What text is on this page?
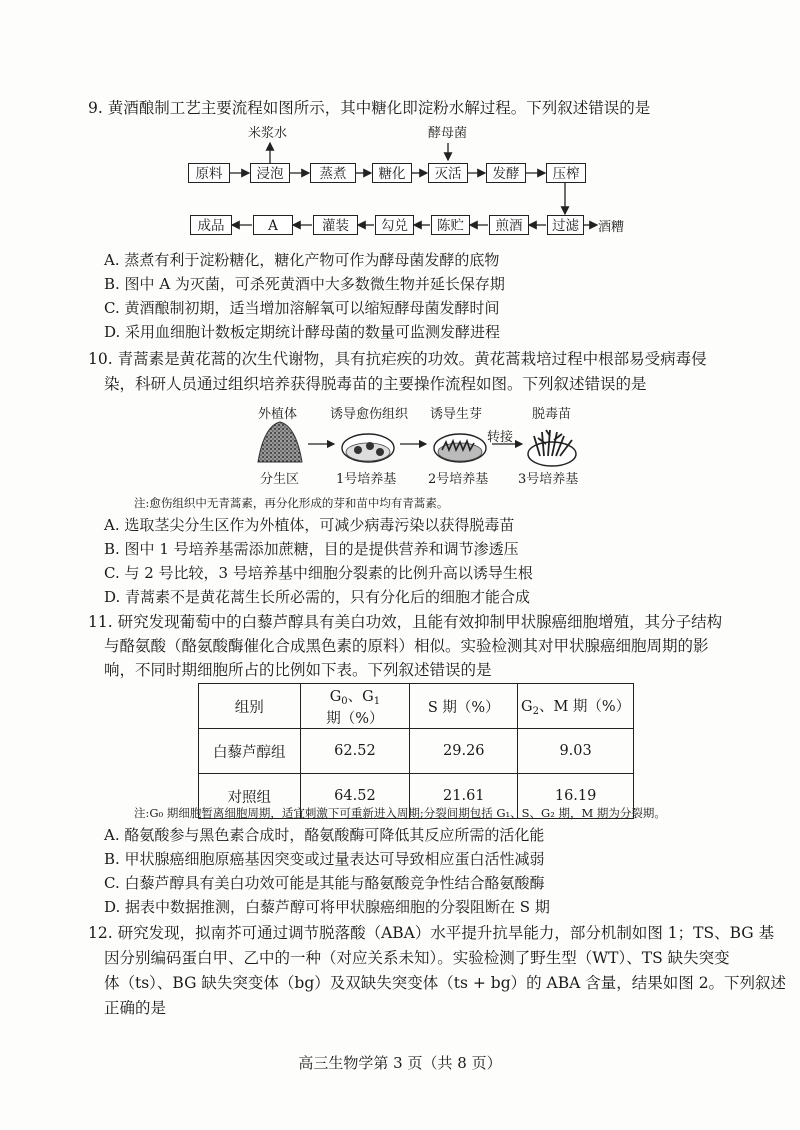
9. 黄酒酿制工艺主要流程如图所示，其中糖化即淀粉水解过程。下列叙述错误的是
米浆水	酵母菌
原料	浸泡	蒸煮	糖化	灭活	发酵	压榨
成品	A	灌装	勾兑	陈贮	煎酒	过滤	酒糟
A. 蒸煮有利于淀粉糖化，糖化产物可作为酵母菌发酵的底物
B. 图中 A 为灭菌，可杀死黄酒中大多数微生物并延长保存期
C. 黄酒酿制初期，适当增加溶解氧可以缩短酵母菌发酵时间
D. 采用血细胞计数板定期统计酵母菌的数量可监测发酵进程
10. 青蒿素是黄花蒿的次生代谢物，具有抗疟疾的功效。黄花蒿栽培过程中根部易受病毒侵
染，科研人员通过组织培养获得脱毒苗的主要操作流程如图。下列叙述错误的是
外植体
分生区
诱导愈伤组织
1号培养基
诱导生芽
2号培养基
转接
脱毒苗
3号培养基
注:愈伤组织中无青蒿素，再分化形成的芽和苗中均有青蒿素。
A. 选取茎尖分生区作为外植体，可减少病毒污染以获得脱毒苗
B. 图中 1 号培养基需添加蔗糖，目的是提供营养和调节渗透压
C. 与 2 号比较，3 号培养基中细胞分裂素的比例升高以诱导生根
D. 青蒿素不是黄花蒿生长所必需的，只有分化后的细胞才能合成
11. 研究发现葡萄中的白藜芦醇具有美白功效，且能有效抑制甲状腺癌细胞增殖，其分子结构
与酪氨酸（酪氨酸酶催化合成黑色素的原料）相似。实验检测其对甲状腺癌细胞周期的影
响，不同时期细胞所占的比例如下表。下列叙述错误的是
组别	$G_0$、$G_1$ 期（%）	S 期（%）	$G_2$、M 期（%）
白藜芦醇组	62.52	29.26	9.03
对照组	64.52	21.61	16.19
注:G₀ 期细胞暂离细胞周期，适宜刺激下可重新进入周期;分裂间期包括 G₁、S、G₂ 期，M 期为分裂期。
A. 酪氨酸参与黑色素合成时，酪氨酸酶可降低其反应所需的活化能
B. 甲状腺癌细胞原癌基因突变或过量表达可导致相应蛋白活性减弱
C. 白藜芦醇具有美白功效可能是其能与酪氨酸竞争性结合酪氨酸酶
D. 据表中数据推测，白藜芦醇可将甲状腺癌细胞的分裂阻断在 S 期
12. 研究发现，拟南芥可通过调节脱落酸（ABA）水平提升抗旱能力，部分机制如图 1；TS、BG 基
因分别编码蛋白甲、乙中的一种（对应关系未知）。实验检测了野生型（WT）、TS 缺失突变
体（ts）、BG 缺失突变体（bg）及双缺失突变体（ts + bg）的 ABA 含量，结果如图 2。下列叙述
正确的是
高三生物学第 3 页（共 8 页）
